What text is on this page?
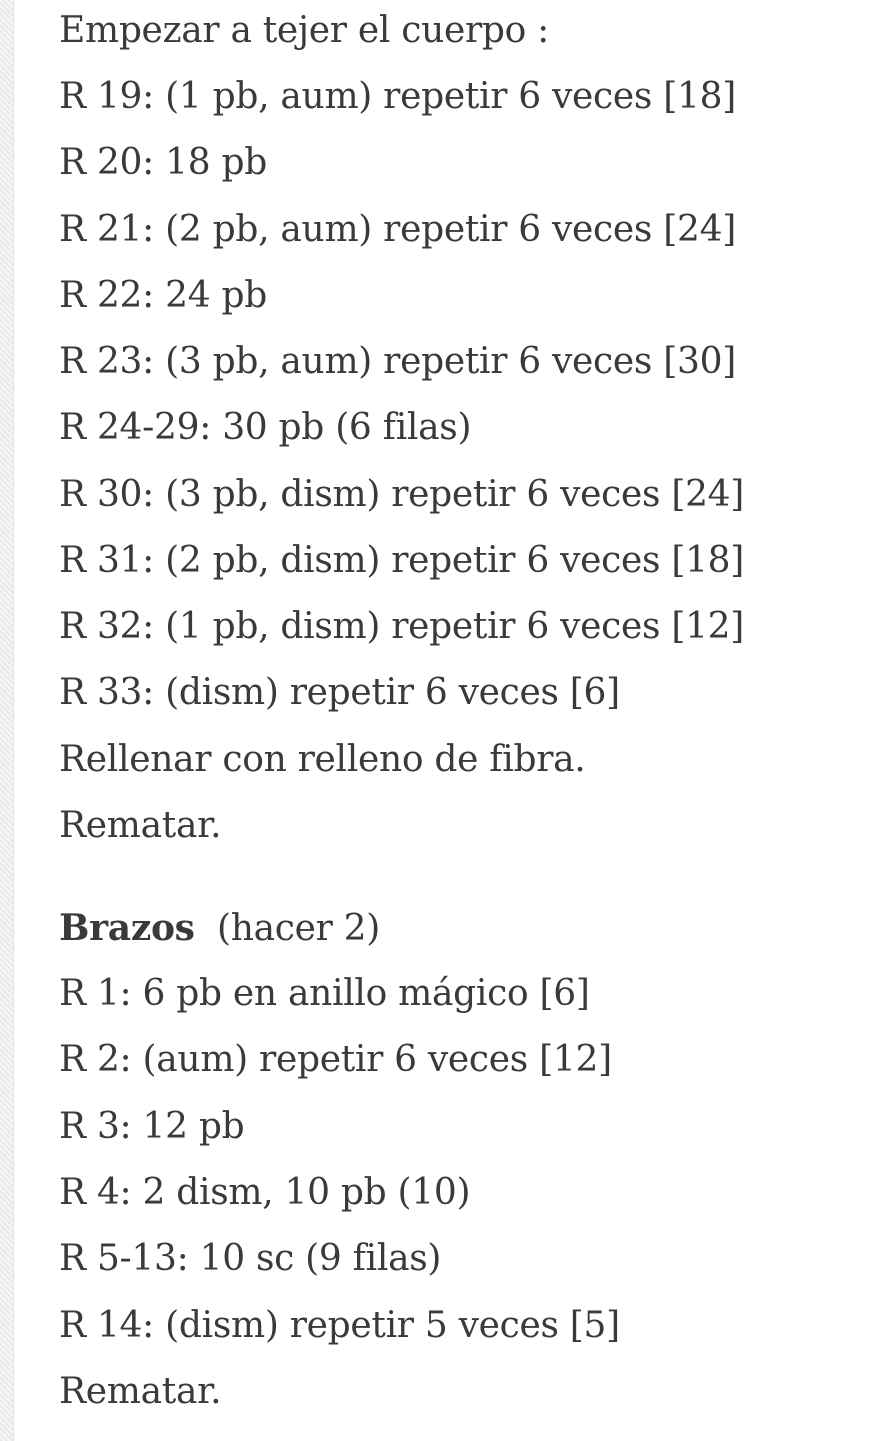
Empezar a tejer el cuerpo :
R 19: (1 pb, aum) repetir 6 veces [18]
R 20: 18 pb
R 21: (2 pb, aum) repetir 6 veces [24]
R 22: 24 pb
R 23: (3 pb, aum) repetir 6 veces [30]
R 24-29: 30 pb (6 filas)
R 30: (3 pb, dism) repetir 6 veces [24]
R 31: (2 pb, dism) repetir 6 veces [18]
R 32: (1 pb, dism) repetir 6 veces [12]
R 33: (dism) repetir 6 veces [6]
Rellenar con relleno de fibra.
Rematar.
Brazos (hacer 2)
R 1: 6 pb en anillo mágico [6]
R 2: (aum) repetir 6 veces [12]
R 3: 12 pb
R 4: 2 dism, 10 pb (10)
R 5-13: 10 sc (9 filas)
R 14: (dism) repetir 5 veces [5]
Rematar.
